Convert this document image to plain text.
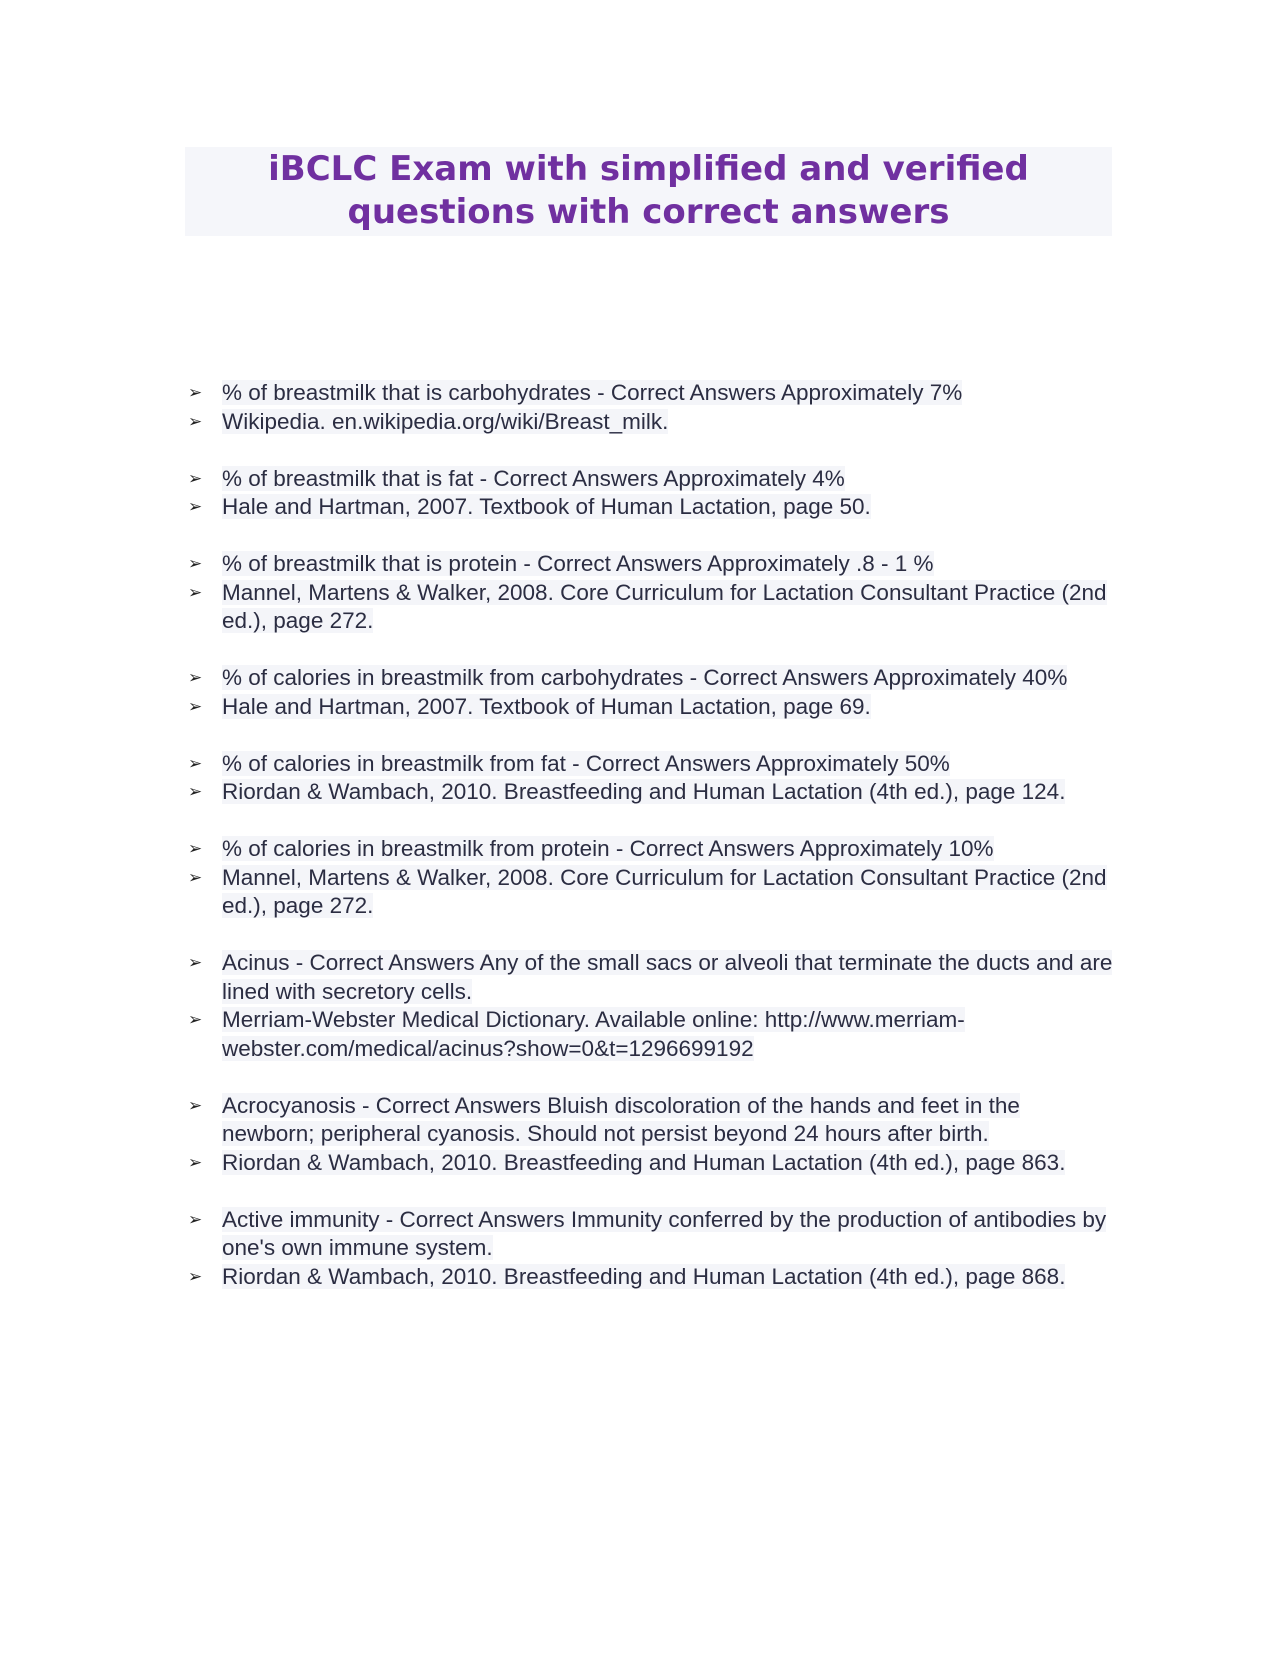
iBCLC Exam with simplified and verified
questions with correct answers
➢ % of breastmilk that is carbohydrates - Correct Answers Approximately 7%
➢ Wikipedia. en.wikipedia.org/wiki/Breast_milk.
➢ % of breastmilk that is fat - Correct Answers Approximately 4%
➢ Hale and Hartman, 2007. Textbook of Human Lactation, page 50.
➢ % of breastmilk that is protein - Correct Answers Approximately .8 - 1 %
➢ Mannel, Martens & Walker, 2008. Core Curriculum for Lactation Consultant Practice (2nd ed.), page 272.
➢ % of calories in breastmilk from carbohydrates - Correct Answers Approximately 40%
➢ Hale and Hartman, 2007. Textbook of Human Lactation, page 69.
➢ % of calories in breastmilk from fat - Correct Answers Approximately 50%
➢ Riordan & Wambach, 2010. Breastfeeding and Human Lactation (4th ed.), page 124.
➢ % of calories in breastmilk from protein - Correct Answers Approximately 10%
➢ Mannel, Martens & Walker, 2008. Core Curriculum for Lactation Consultant Practice (2nd ed.), page 272.
➢ Acinus - Correct Answers Any of the small sacs or alveoli that terminate the ducts and are lined with secretory cells.
➢ Merriam-Webster Medical Dictionary. Available online: http://www.merriam-webster.com/medical/acinus?show=0&t=1296699192
➢ Acrocyanosis - Correct Answers Bluish discoloration of the hands and feet in the newborn; peripheral cyanosis. Should not persist beyond 24 hours after birth.
➢ Riordan & Wambach, 2010. Breastfeeding and Human Lactation (4th ed.), page 863.
➢ Active immunity - Correct Answers Immunity conferred by the production of antibodies by one's own immune system.
➢ Riordan & Wambach, 2010. Breastfeeding and Human Lactation (4th ed.), page 868.
